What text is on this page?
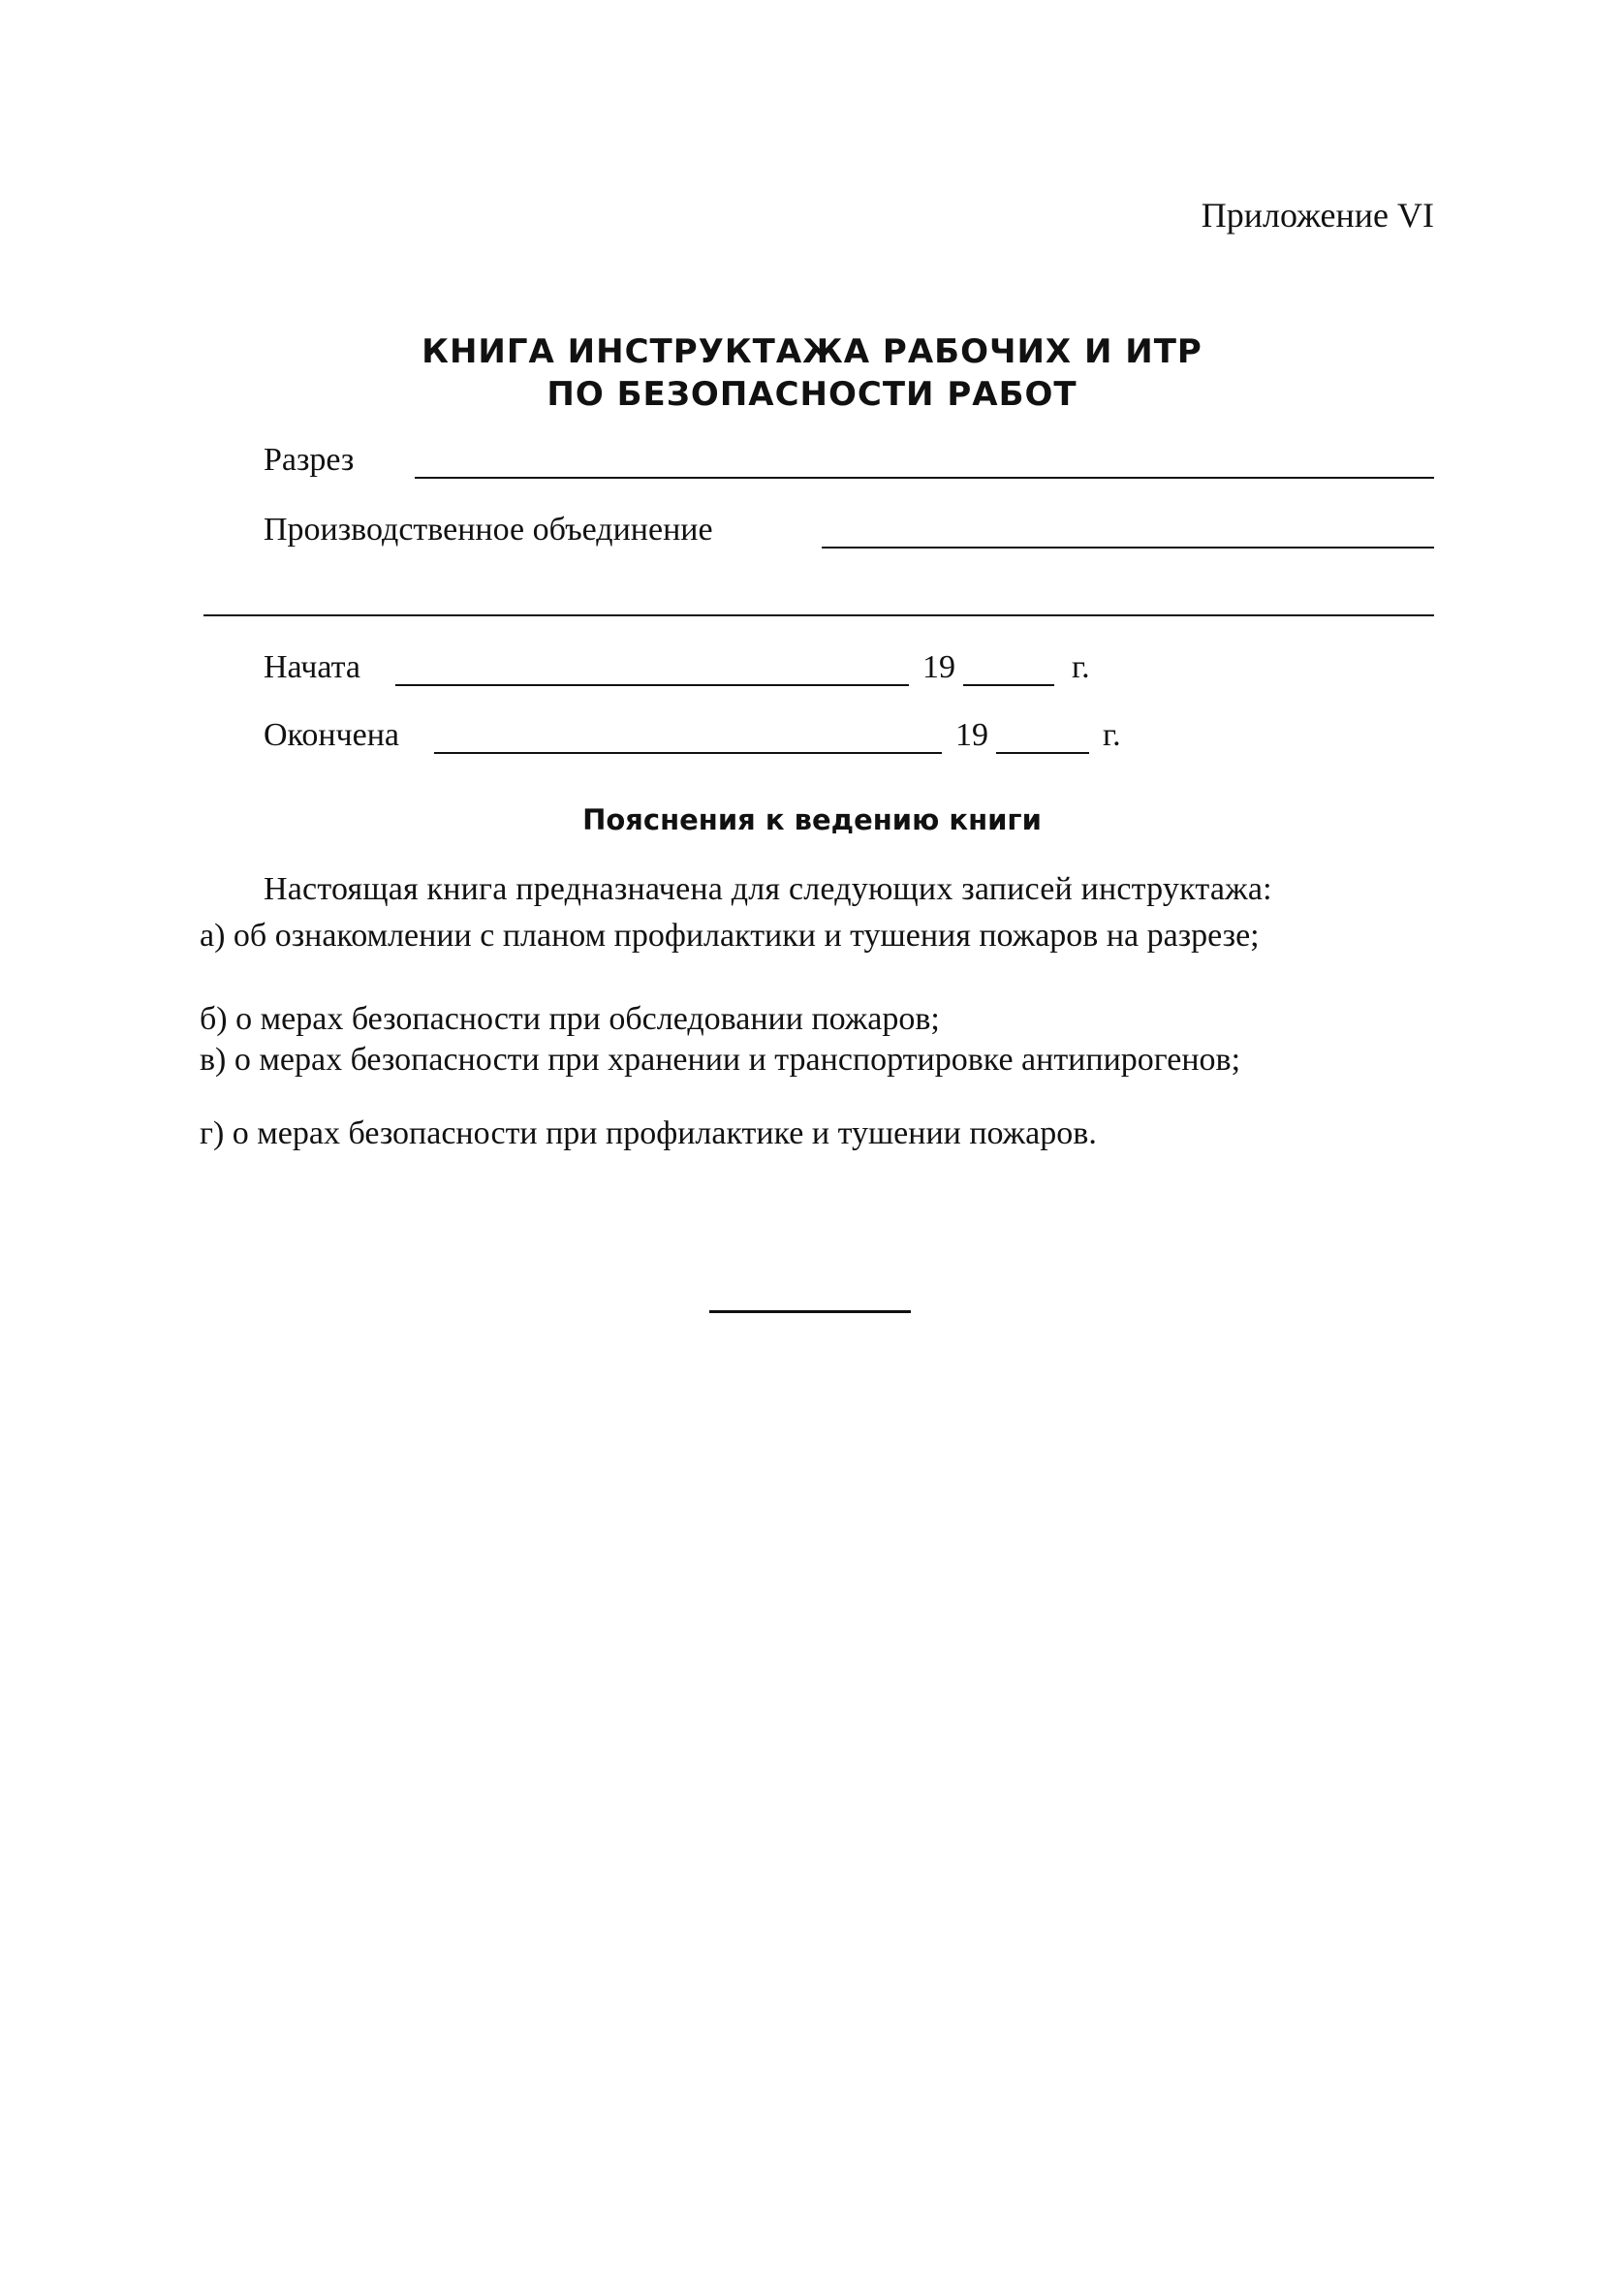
Приложение VI
КНИГА ИНСТРУКТАЖА РАБОЧИХ И ИТР
ПО БЕЗОПАСНОСТИ РАБОТ
Разрез
Производственное объединение
Начата	19	г.
Окончена	19	г.
Пояснения к ведению книги
Настоящая книга предназначена для следующих записей инструктажа:
а) об ознакомлении с планом профилактики и тушения пожаров на разрезе;
б) о мерах безопасности при обследовании пожаров;
в) о мерах безопасности при хранении и транспортировке антипирогенов;
г) о мерах безопасности при профилактике и тушении пожаров.
